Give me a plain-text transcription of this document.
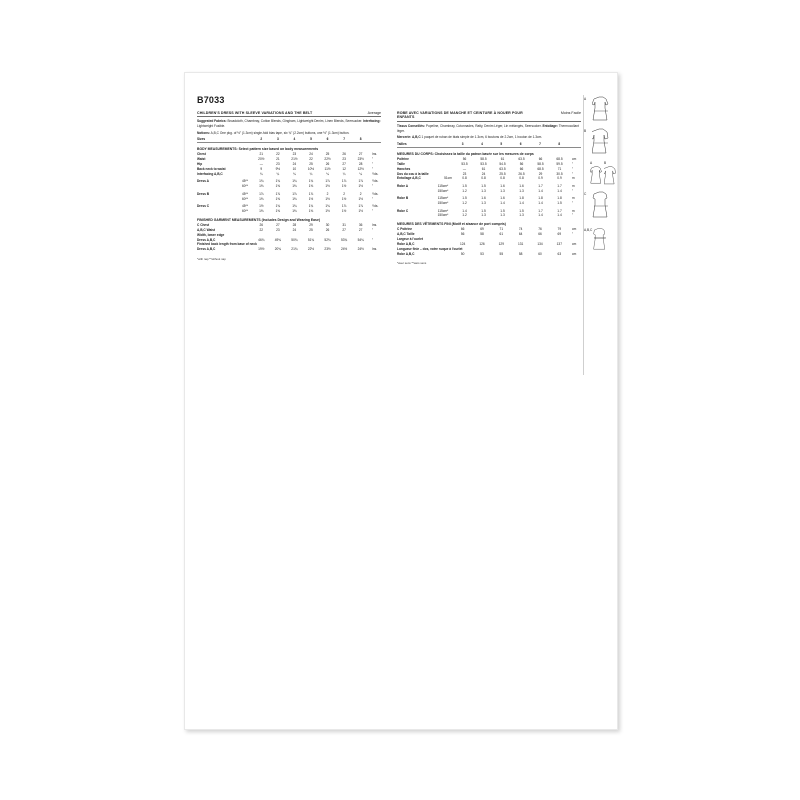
B7033
CHILDREN'S DRESS WITH SLEEVE VARIATIONS AND THE BELT	Average
Suggested Fabrics: Broadcloth, Chambray, Cotton Blends, Gingham, Lightweight Denim, Linen Blends, Seersucker. Interfacing: Lightweight Fusible.
Notions: A,B,C One pkg. of ½" (1.3cm) single-fold bias tape, six ¾" (2.2cm) buttons, one ½" (1.3cm) button.
Sizes	2	3	4	5	6	7	8	
BODY MEASUREMENTS: Select pattern size based on body measurements
Chest	21	22	23	24	25	26	27	Ins.
Waist	20½	21	21½	22	22½	23	23½	"
Hip	—	23	24	25	26	27	28	"
Back neck to waist	9	9½	10	10½	11½	12	12½	"
Interfacing A,B,C	¼	¼	¼	¼	¼	¼	¼	Yds.
Dress A	45**	1¾	1¾	1¾	1¾	1⅞	1⅞	1⅞	Yds.
	60**	1⅜	1⅜	1⅜	1⅜	1½	1½	1½	"
Dress B	45**	1⅞	1⅞	1⅞	1⅞	2	2	2	Yds.
	60**	1⅜	1⅜	1⅜	1½	1½	1½	1½	"
Dress C	45**	1½	1¾	1¾	1¾	1¾	1⅞	1⅞	Yds.
	60**	1⅜	1⅜	1⅜	1⅜	1½	1½	1½	"
FINISHED GARMENT MEASUREMENTS (Includes Design and Wearing Ease)
C Chest	26	27	28	29	30	31	36	Ins.
A,B,C Waist	22	23	24	25	26	27	27	"
Width, lower edge								
Dress A,B,C	46¾	49¾	50¾	51¾	52¾	53¾	54¾	"
Finished back length from base of neck								
Dress A,B,C	19½	20¾	21¾	22½	23½	24½	24½	Ins.
*with nap **without nap
ROBE AVEC VARIATIONS DE MANCHE ET CEINTURE À NOUER POUR ENFANTS
Moins Facile
Tissus Conseillés: Popeline, Chambray, Cotonnades, Ratty, Denim Léger, Lin mélangés, Seersucker. Entoilage: Thermocollant léger.
Mercerie: A,B,C 1 paquet de ruban de biais simple de 1.3cm, 6 boutons de 2.2cm, 1 bouton de 1.3cm.
Tailles	3	4	5	6	7	8	
MESURES DU CORPS: Choisissez la taille du patron basée sur les mesures de corps
Poitrine		56	58.5	61	63.5	66	68.5	cm
Taille		53.5	53.5	54.5	56	58.5	59.5	"
Hanches		—	61	63.5	66	68.5	71	"
Dos du cou à la taille		23	24	25.5	26.5	29	30.5	"
Entoilage A,B,C	51cm	0.8	0.8	0.8	0.8	0.9	0.9	m
Robe A	115cm*	1.5	1.5	1.6	1.6	1.7	1.7	m
	150cm*	1.2	1.3	1.3	1.3	1.4	1.4	"
Robe B	115cm*	1.5	1.6	1.6	1.8	1.8	1.8	m
	150cm*	1.2	1.3	1.4	1.4	1.4	1.5	"
Robe C	115cm*	1.4	1.5	1.5	1.5	1.7	1.7	m
	150cm*	1.2	1.3	1.3	1.3	1.4	1.4	"
MESURES DES VÊTEMENTS FINI (Motif et aisance de port compris)
C Poitrine	66	69	71	74	76	79	cm
A,B,C Taille	56	58	61	64	66	69	"
Largeur à l'ourlet							
Robe A,B,C	124	126	129	131	134	137	cm
Longueur finie – dos, votre nuque à l'ourlet							
Robe A,B,C	50	53	55	58	60	63	cm
*avec sens **sans sens
A
B
A	B
C
A,B,C
